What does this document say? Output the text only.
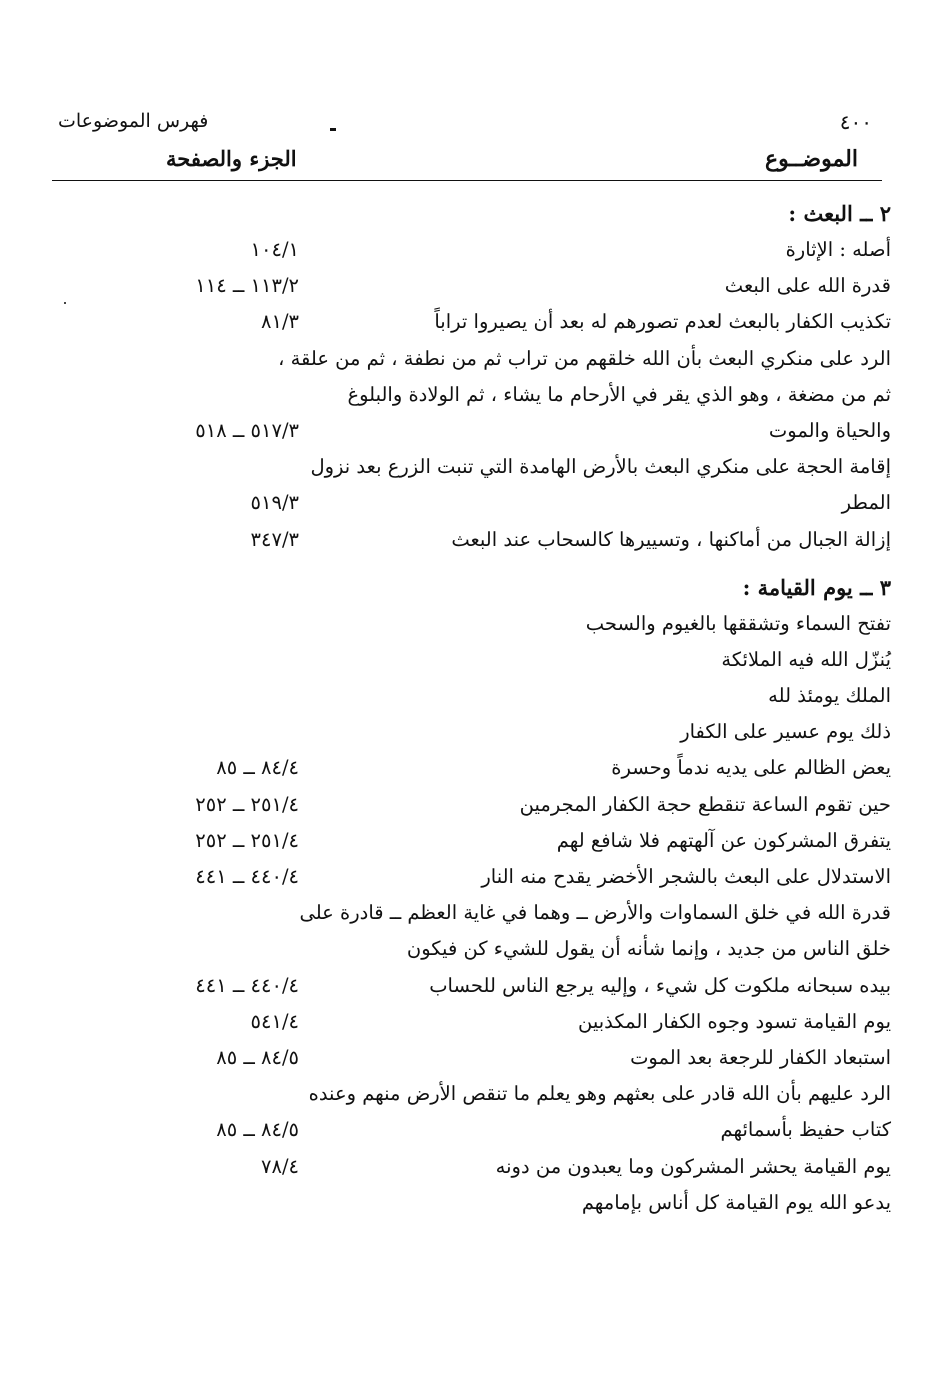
٤٠٠
فهرس الموضوعات
الموضــوع
الجزء والصفحة
٢ ــ البعث :
أصله : الإثارة
١٠٤/١
قدرة الله على البعث
١١٣/٢ ــ ١١٤
تكذيب الكفار بالبعث لعدم تصورهم له بعد أن يصيروا تراباً
٨١/٣
الرد على منكري البعث بأن الله خلقهم من تراب ثم من نطفة ، ثم من علقة ،
ثم من مضغة ، وهو الذي يقر في الأرحام ما يشاء ، ثم الولادة والبلوغ
والحياة والموت
٥١٧/٣ ــ ٥١٨
إقامة الحجة على منكري البعث بالأرض الهامدة التي تنبت الزرع بعد نزول
المطر
٥١٩/٣
إزالة الجبال من أماكنها ، وتسييرها كالسحاب عند البعث
٣٤٧/٣
٣ ــ يوم القيامة :
تفتح السماء وتشققها بالغيوم والسحب
يُنزّل الله فيه الملائكة
الملك يومئذ لله
ذلك يوم عسير على الكفار
يعض الظالم على يديه ندماً وحسرة
٨٤/٤ ــ ٨٥
حين تقوم الساعة تنقطع حجة الكفار المجرمين
٢٥١/٤ ــ ٢٥٢
يتفرق المشركون عن آلهتهم فلا شافع لهم
٢٥١/٤ ــ ٢٥٢
الاستدلال على البعث بالشجر الأخضر يقدح منه النار
٤٤٠/٤ ــ ٤٤١
قدرة الله في خلق السماوات والأرض ــ وهما في غاية العظم ــ قادرة على
خلق الناس من جديد ، وإنما شأنه أن يقول للشيء كن فيكون
بيده سبحانه ملكوت كل شيء ، وإليه يرجع الناس للحساب
٤٤٠/٤ ــ ٤٤١
يوم القيامة تسود وجوه الكفار المكذبين
٥٤١/٤
استبعاد الكفار للرجعة بعد الموت
٨٤/٥ ــ ٨٥
الرد عليهم بأن الله قادر على بعثهم وهو يعلم ما تنقص الأرض منهم وعنده
كتاب حفيظ بأسمائهم
٨٤/٥ ــ ٨٥
يوم القيامة يحشر المشركون وما يعبدون من دونه
٧٨/٤
يدعو الله يوم القيامة كل أناس بإمامهم
